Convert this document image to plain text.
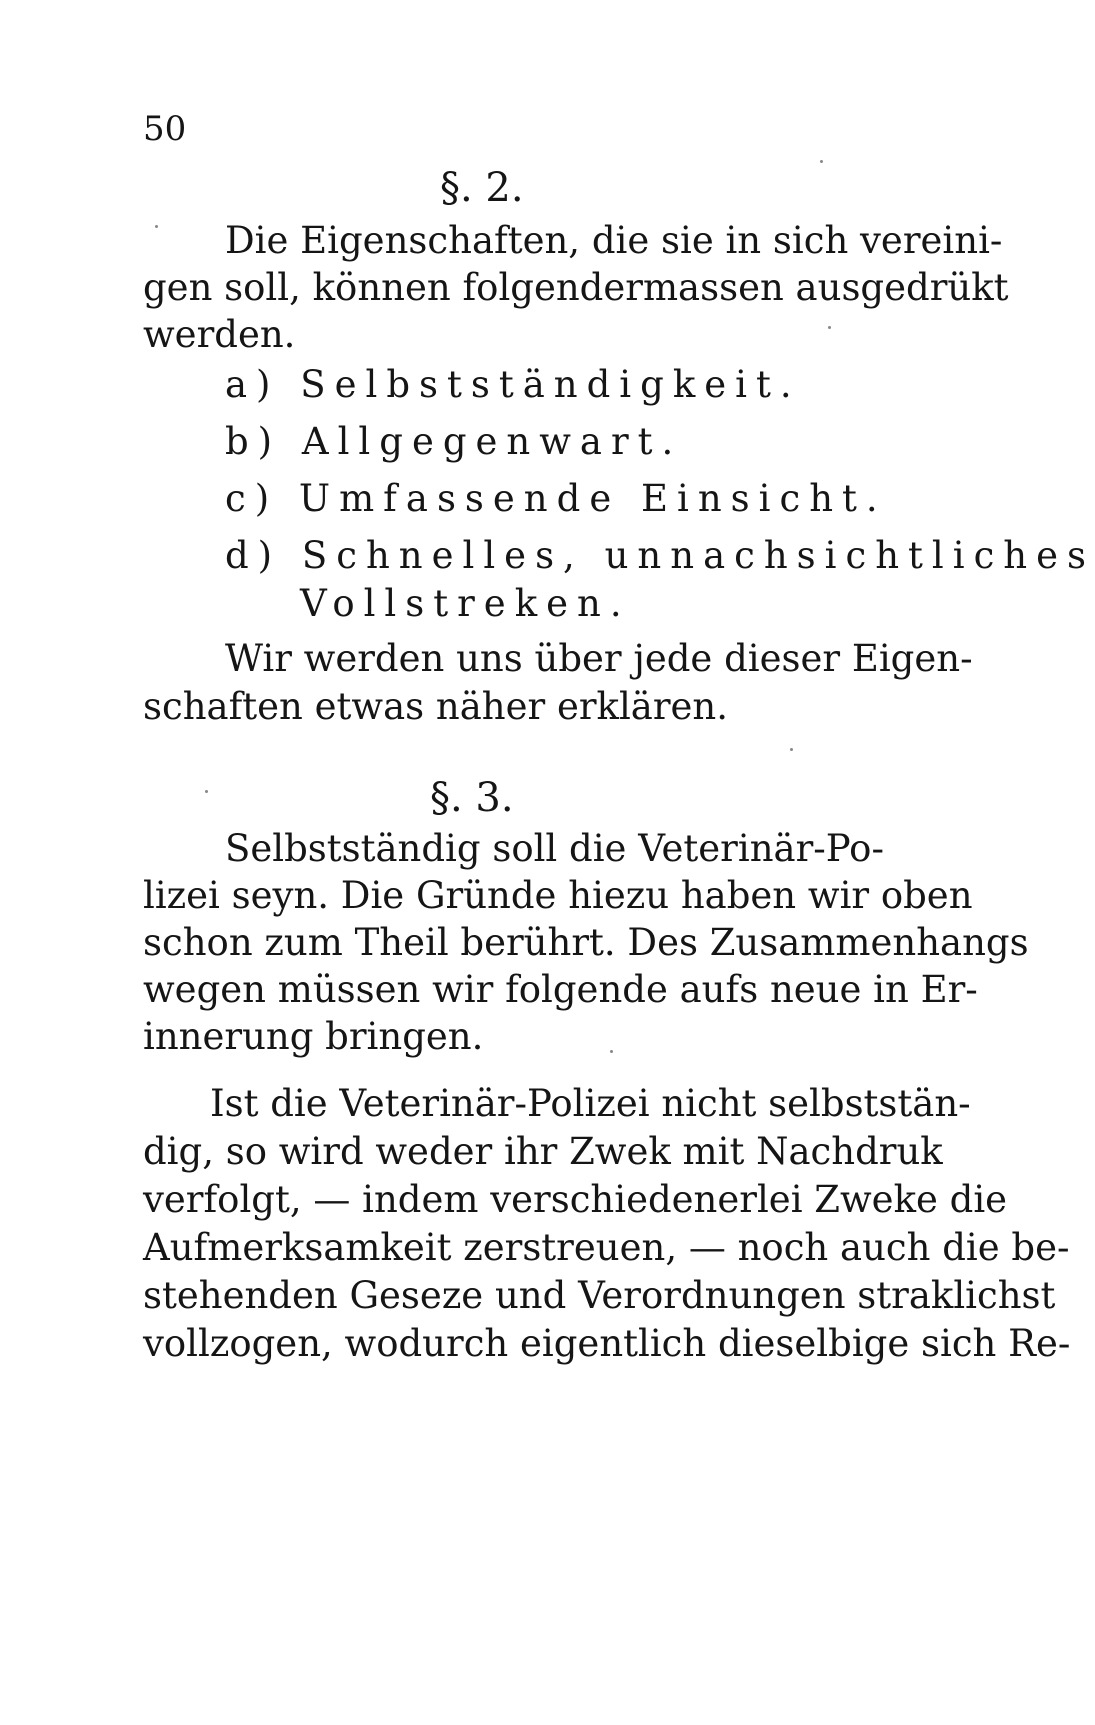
50
§. 2.
Die Eigenschaften, die sie in sich vereini-
gen soll, können folgendermassen ausgedrükt
werden.
a) Selbstständigkeit.
b) Allgegenwart.
c) Umfassende Einsicht.
d) Schnelles, unnachsichtliches
Vollstreken.
Wir werden uns über jede dieser Eigen-
schaften etwas näher erklären.
§. 3.
Selbstständig soll die Veterinär-Po-
lizei seyn. Die Gründe hiezu haben wir oben
schon zum Theil berührt. Des Zusammenhangs
wegen müssen wir folgende aufs neue in Er-
innerung bringen.
Ist die Veterinär-Polizei nicht selbststän-
dig, so wird weder ihr Zwek mit Nachdruk
verfolgt, — indem verschiedenerlei Zweke die
Aufmerksamkeit zerstreuen, — noch auch die be-
stehenden Geseze und Verordnungen straklichst
vollzogen, wodurch eigentlich dieselbige sich Re-
